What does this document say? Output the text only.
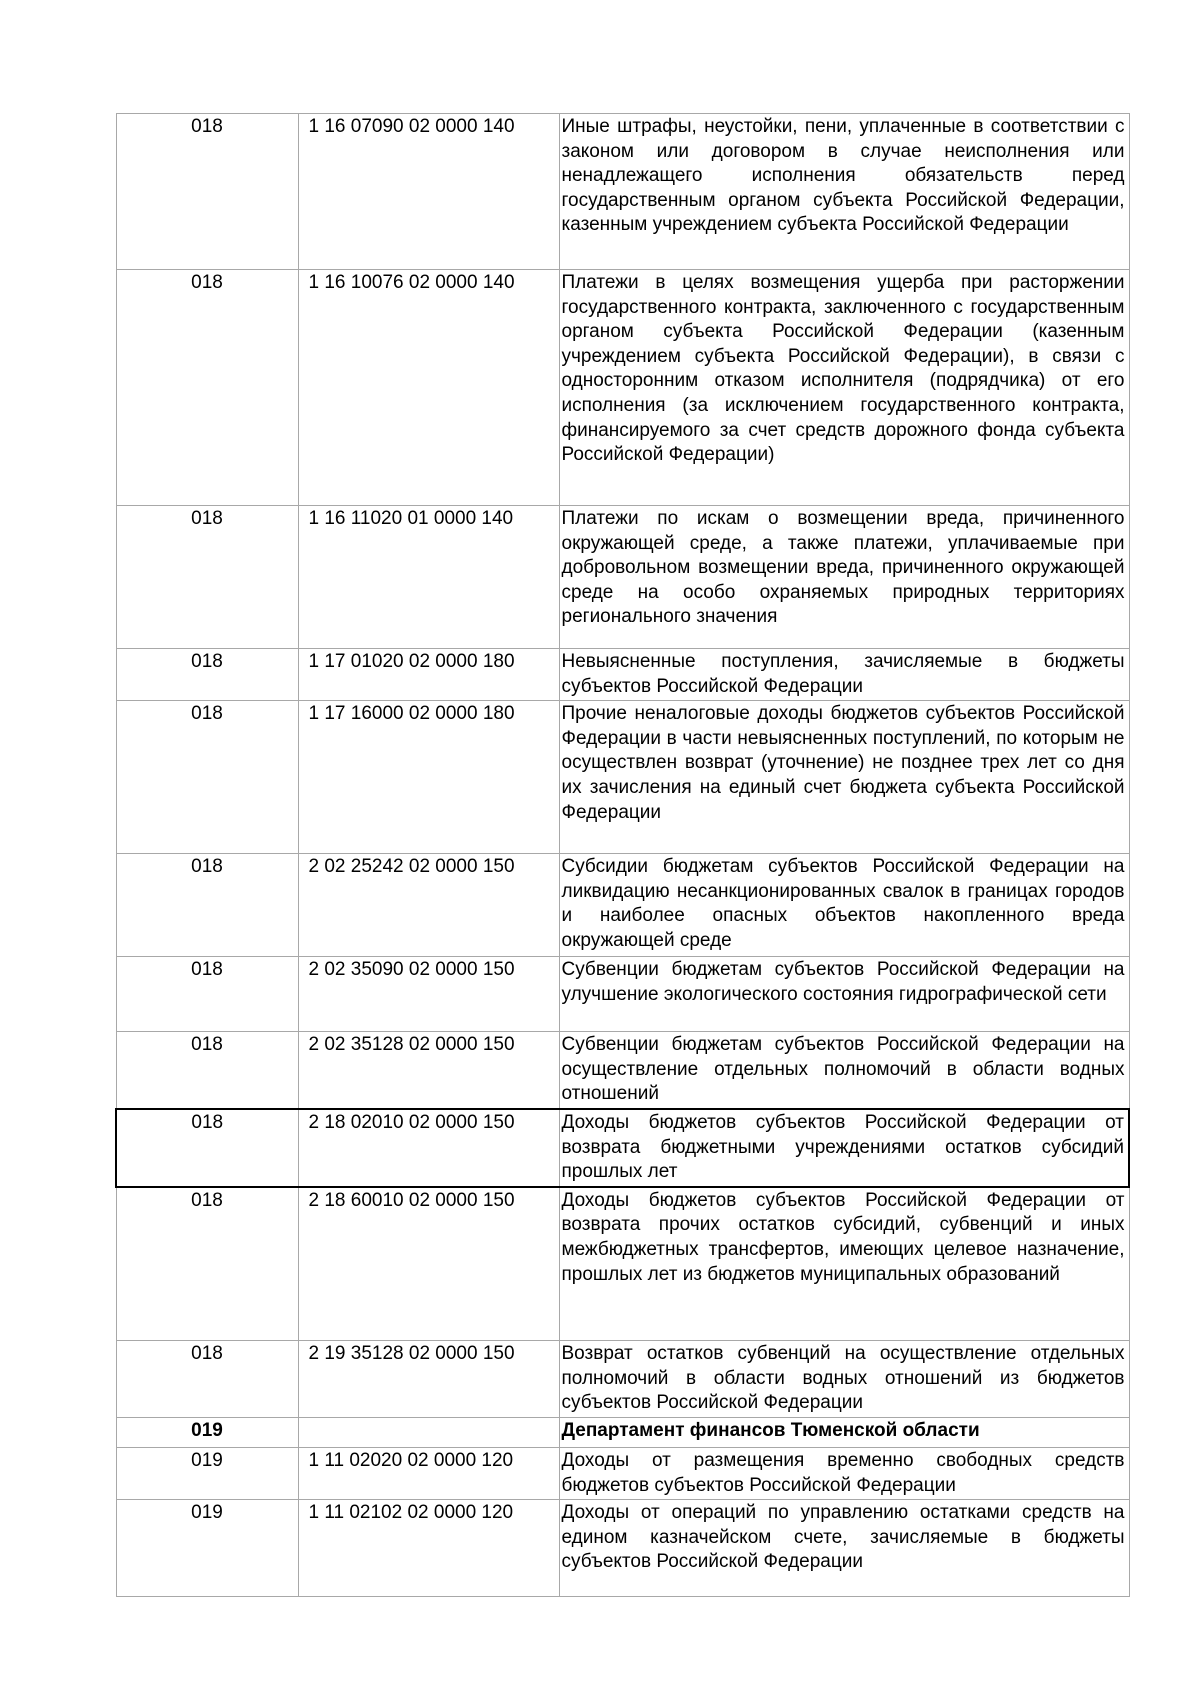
018	1 16 07090 02 0000 140	Иные штрафы, неустойки, пени, уплаченные в соответствии с законом или договором в случае неисполнения или ненадлежащего исполнения обязательств перед государственным органом субъекта Российской Федерации, казенным учреждением субъекта Российской Федерации
018	1 16 10076 02 0000 140	Платежи в целях возмещения ущерба при расторжении государственного контракта, заключенного с государственным органом субъекта Российской Федерации (казенным учреждением субъекта Российской Федерации), в связи с односторонним отказом исполнителя (подрядчика) от его исполнения (за исключением государственного контракта, финансируемого за счет средств дорожного фонда субъекта Российской Федерации)
018	1 16 11020 01 0000 140	Платежи по искам о возмещении вреда, причиненного окружающей среде, а также платежи, уплачиваемые при добровольном возмещении вреда, причиненного окружающей среде на особо охраняемых природных территориях регионального значения
018	1 17 01020 02 0000 180	Невыясненные поступления, зачисляемые в бюджеты субъектов Российской Федерации
018	1 17 16000 02 0000 180	Прочие неналоговые доходы бюджетов субъектов Российской Федерации в части невыясненных поступлений, по которым не осуществлен возврат (уточнение) не позднее трех лет со дня их зачисления на единый счет бюджета субъекта Российской Федерации
018	2 02 25242 02 0000 150	Субсидии бюджетам субъектов Российской Федерации на ликвидацию несанкционированных свалок в границах городов и наиболее опасных объектов накопленного вреда окружающей среде
018	2 02 35090 02 0000 150	Субвенции бюджетам субъектов Российской Федерации на улучшение экологического состояния гидрографической сети
018	2 02 35128 02 0000 150	Субвенции бюджетам субъектов Российской Федерации на осуществление отдельных полномочий в области водных отношений
018	2 18 02010 02 0000 150	Доходы бюджетов субъектов Российской Федерации от возврата бюджетными учреждениями остатков субсидий прошлых лет
018	2 18 60010 02 0000 150	Доходы бюджетов субъектов Российской Федерации от возврата прочих остатков субсидий, субвенций и иных межбюджетных трансфертов, имеющих целевое назначение, прошлых лет из бюджетов муниципальных образований
018	2 19 35128 02 0000 150	Возврат остатков субвенций на осуществление отдельных полномочий в области водных отношений из бюджетов субъектов Российской Федерации
019		Департамент финансов Тюменской области
019	1 11 02020 02 0000 120	Доходы от размещения временно свободных средств бюджетов субъектов Российской Федерации
019	1 11 02102 02 0000 120	Доходы от операций по управлению остатками средств на едином казначейском счете, зачисляемые в бюджеты субъектов Российской Федерации
